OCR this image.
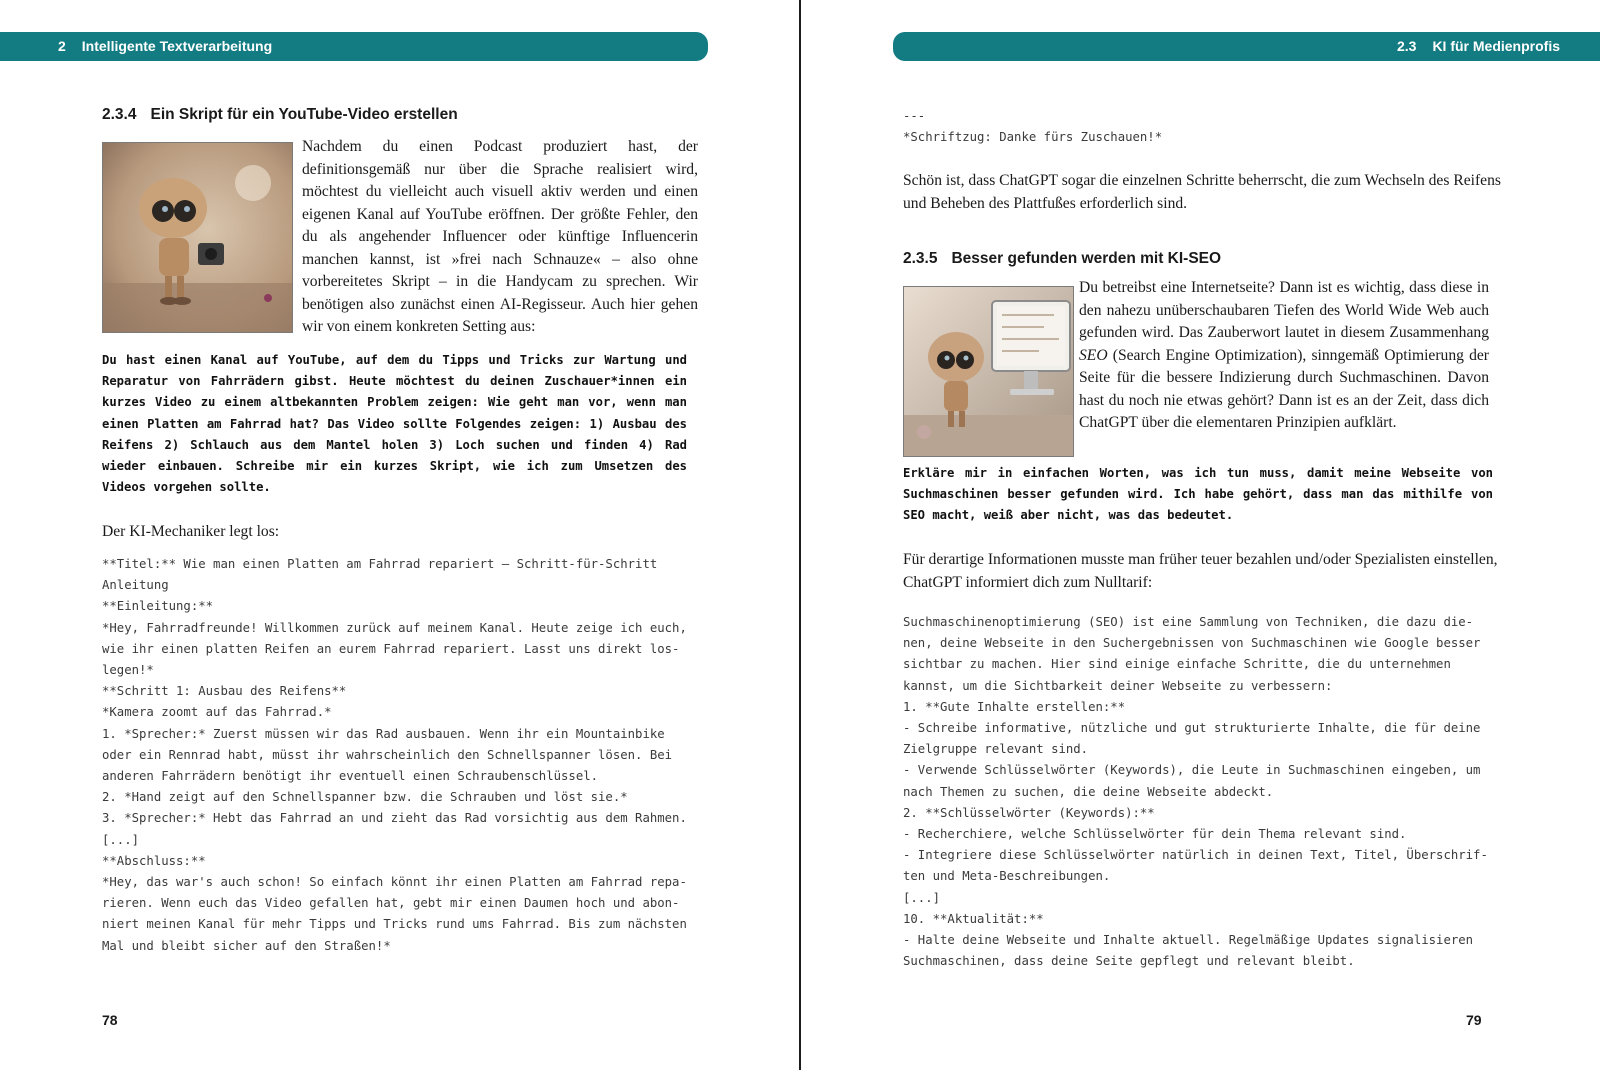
2 Intelligente Textverarbeitung
2.3.4 Ein Skript für ein YouTube-Video erstellen
Nachdem du einen Podcast produziert hast, der definitionsgemäß nur über die Sprache realisiert wird, möchtest du vielleicht auch visuell aktiv werden und einen eigenen Kanal auf YouTube eröffnen. Der größte Fehler, den du als angehender Influencer oder künftige Influencerin manchen kannst, ist »frei nach Schnauze« – also ohne vorbereitetes Skript – in die Handycam zu sprechen. Wir benötigen also zunächst einen AI-Regisseur. Auch hier gehen wir von einem konkreten Setting aus:
Du hast einen Kanal auf YouTube, auf dem du Tipps und Tricks zur Wartung und Reparatur von Fahrrädern gibst. Heute möchtest du deinen Zuschauer*innen ein kurzes Video zu einem altbekannten Problem zeigen: Wie geht man vor, wenn man einen Platten am Fahrrad hat? Das Video sollte Folgendes zeigen: 1) Ausbau des Reifens 2) Schlauch aus dem Mantel holen 3) Loch suchen und finden 4) Rad wieder einbauen. Schreibe mir ein kurzes Skript, wie ich zum Umsetzen des Videos vorgehen sollte.
Der KI-Mechaniker legt los:
**Titel:** Wie man einen Platten am Fahrrad repariert – Schritt-für-Schritt
Anleitung
**Einleitung:**
*Hey, Fahrradfreunde! Willkommen zurück auf meinem Kanal. Heute zeige ich euch,
wie ihr einen platten Reifen an eurem Fahrrad repariert. Lasst uns direkt los-
legen!*
**Schritt 1: Ausbau des Reifens**
*Kamera zoomt auf das Fahrrad.*
1. *Sprecher:* Zuerst müssen wir das Rad ausbauen. Wenn ihr ein Mountainbike
oder ein Rennrad habt, müsst ihr wahrscheinlich den Schnellspanner lösen. Bei
anderen Fahrrädern benötigt ihr eventuell einen Schraubenschlüssel.
2. *Hand zeigt auf den Schnellspanner bzw. die Schrauben und löst sie.*
3. *Sprecher:* Hebt das Fahrrad an und zieht das Rad vorsichtig aus dem Rahmen.
[...]
**Abschluss:**
*Hey, das war's auch schon! So einfach könnt ihr einen Platten am Fahrrad repa-
rieren. Wenn euch das Video gefallen hat, gebt mir einen Daumen hoch und abon-
niert meinen Kanal für mehr Tipps und Tricks rund ums Fahrrad. Bis zum nächsten
Mal und bleibt sicher auf den Straßen!*
78
2.3 KI für Medienprofis
---
*Schriftzug: Danke fürs Zuschauen!*
Schön ist, dass ChatGPT sogar die einzelnen Schritte beherrscht, die zum Wechseln des Reifens und Beheben des Plattfußes erforderlich sind.
2.3.5 Besser gefunden werden mit KI-SEO
Du betreibst eine Internetseite? Dann ist es wichtig, dass diese in den nahezu unüberschaubaren Tiefen des World Wide Web auch gefunden wird. Das Zauberwort lautet in diesem Zusammenhang SEO (Search Engine Optimization), sinngemäß Optimierung der Seite für die bessere Indizierung durch Suchmaschinen. Davon hast du noch nie etwas gehört? Dann ist es an der Zeit, dass dich ChatGPT über die elementaren Prinzipien aufklärt.
Erkläre mir in einfachen Worten, was ich tun muss, damit meine Webseite von Suchmaschinen besser gefunden wird. Ich habe gehört, dass man das mithilfe von SEO macht, weiß aber nicht, was das bedeutet.
Für derartige Informationen musste man früher teuer bezahlen und/oder Spezialisten einstellen, ChatGPT informiert dich zum Nulltarif:
Suchmaschinenoptimierung (SEO) ist eine Sammlung von Techniken, die dazu die-
nen, deine Webseite in den Suchergebnissen von Suchmaschinen wie Google besser
sichtbar zu machen. Hier sind einige einfache Schritte, die du unternehmen
kannst, um die Sichtbarkeit deiner Webseite zu verbessern:
1. **Gute Inhalte erstellen:**
- Schreibe informative, nützliche und gut strukturierte Inhalte, die für deine
Zielgruppe relevant sind.
- Verwende Schlüsselwörter (Keywords), die Leute in Suchmaschinen eingeben, um
nach Themen zu suchen, die deine Webseite abdeckt.
2. **Schlüsselwörter (Keywords):**
- Recherchiere, welche Schlüsselwörter für dein Thema relevant sind.
- Integriere diese Schlüsselwörter natürlich in deinen Text, Titel, Überschrif-
ten und Meta-Beschreibungen.
[...]
10. **Aktualität:**
- Halte deine Webseite und Inhalte aktuell. Regelmäßige Updates signalisieren
Suchmaschinen, dass deine Seite gepflegt und relevant bleibt.
79
